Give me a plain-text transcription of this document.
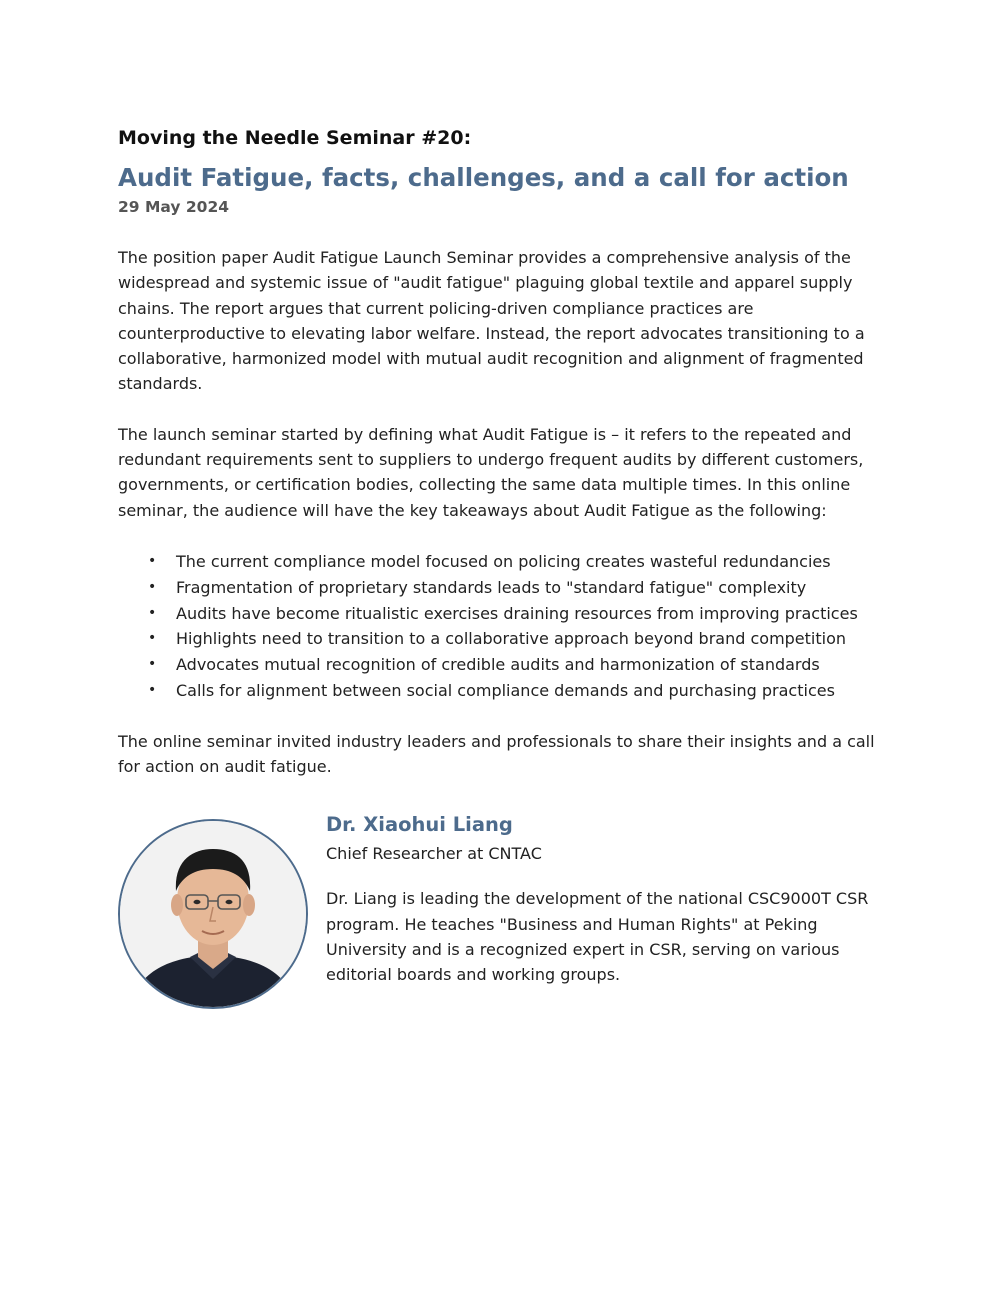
Moving the Needle Seminar #20:
Audit Fatigue, facts, challenges, and a call for action
29 May 2024

The position paper Audit Fatigue Launch Seminar provides a comprehensive analysis of the widespread and systemic issue of "audit fatigue" plaguing global textile and apparel supply chains. The report argues that current policing-driven compliance practices are counterproductive to elevating labor welfare. Instead, the report advocates transitioning to a collaborative, harmonized model with mutual audit recognition and alignment of fragmented standards.

The launch seminar started by defining what Audit Fatigue is – it refers to the repeated and redundant requirements sent to suppliers to undergo frequent audits by different customers, governments, or certification bodies, collecting the same data multiple times. In this online seminar, the audience will have the key takeaways about Audit Fatigue as the following:

• The current compliance model focused on policing creates wasteful redundancies
• Fragmentation of proprietary standards leads to "standard fatigue" complexity
• Audits have become ritualistic exercises draining resources from improving practices
• Highlights need to transition to a collaborative approach beyond brand competition
• Advocates mutual recognition of credible audits and harmonization of standards
• Calls for alignment between social compliance demands and purchasing practices

The online seminar invited industry leaders and professionals to share their insights and a call for action on audit fatigue.

Dr. Xiaohui Liang
Chief Researcher at CNTAC

Dr. Liang is leading the development of the national CSC9000T CSR program. He teaches "Business and Human Rights" at Peking University and is a recognized expert in CSR, serving on various editorial boards and working groups.
